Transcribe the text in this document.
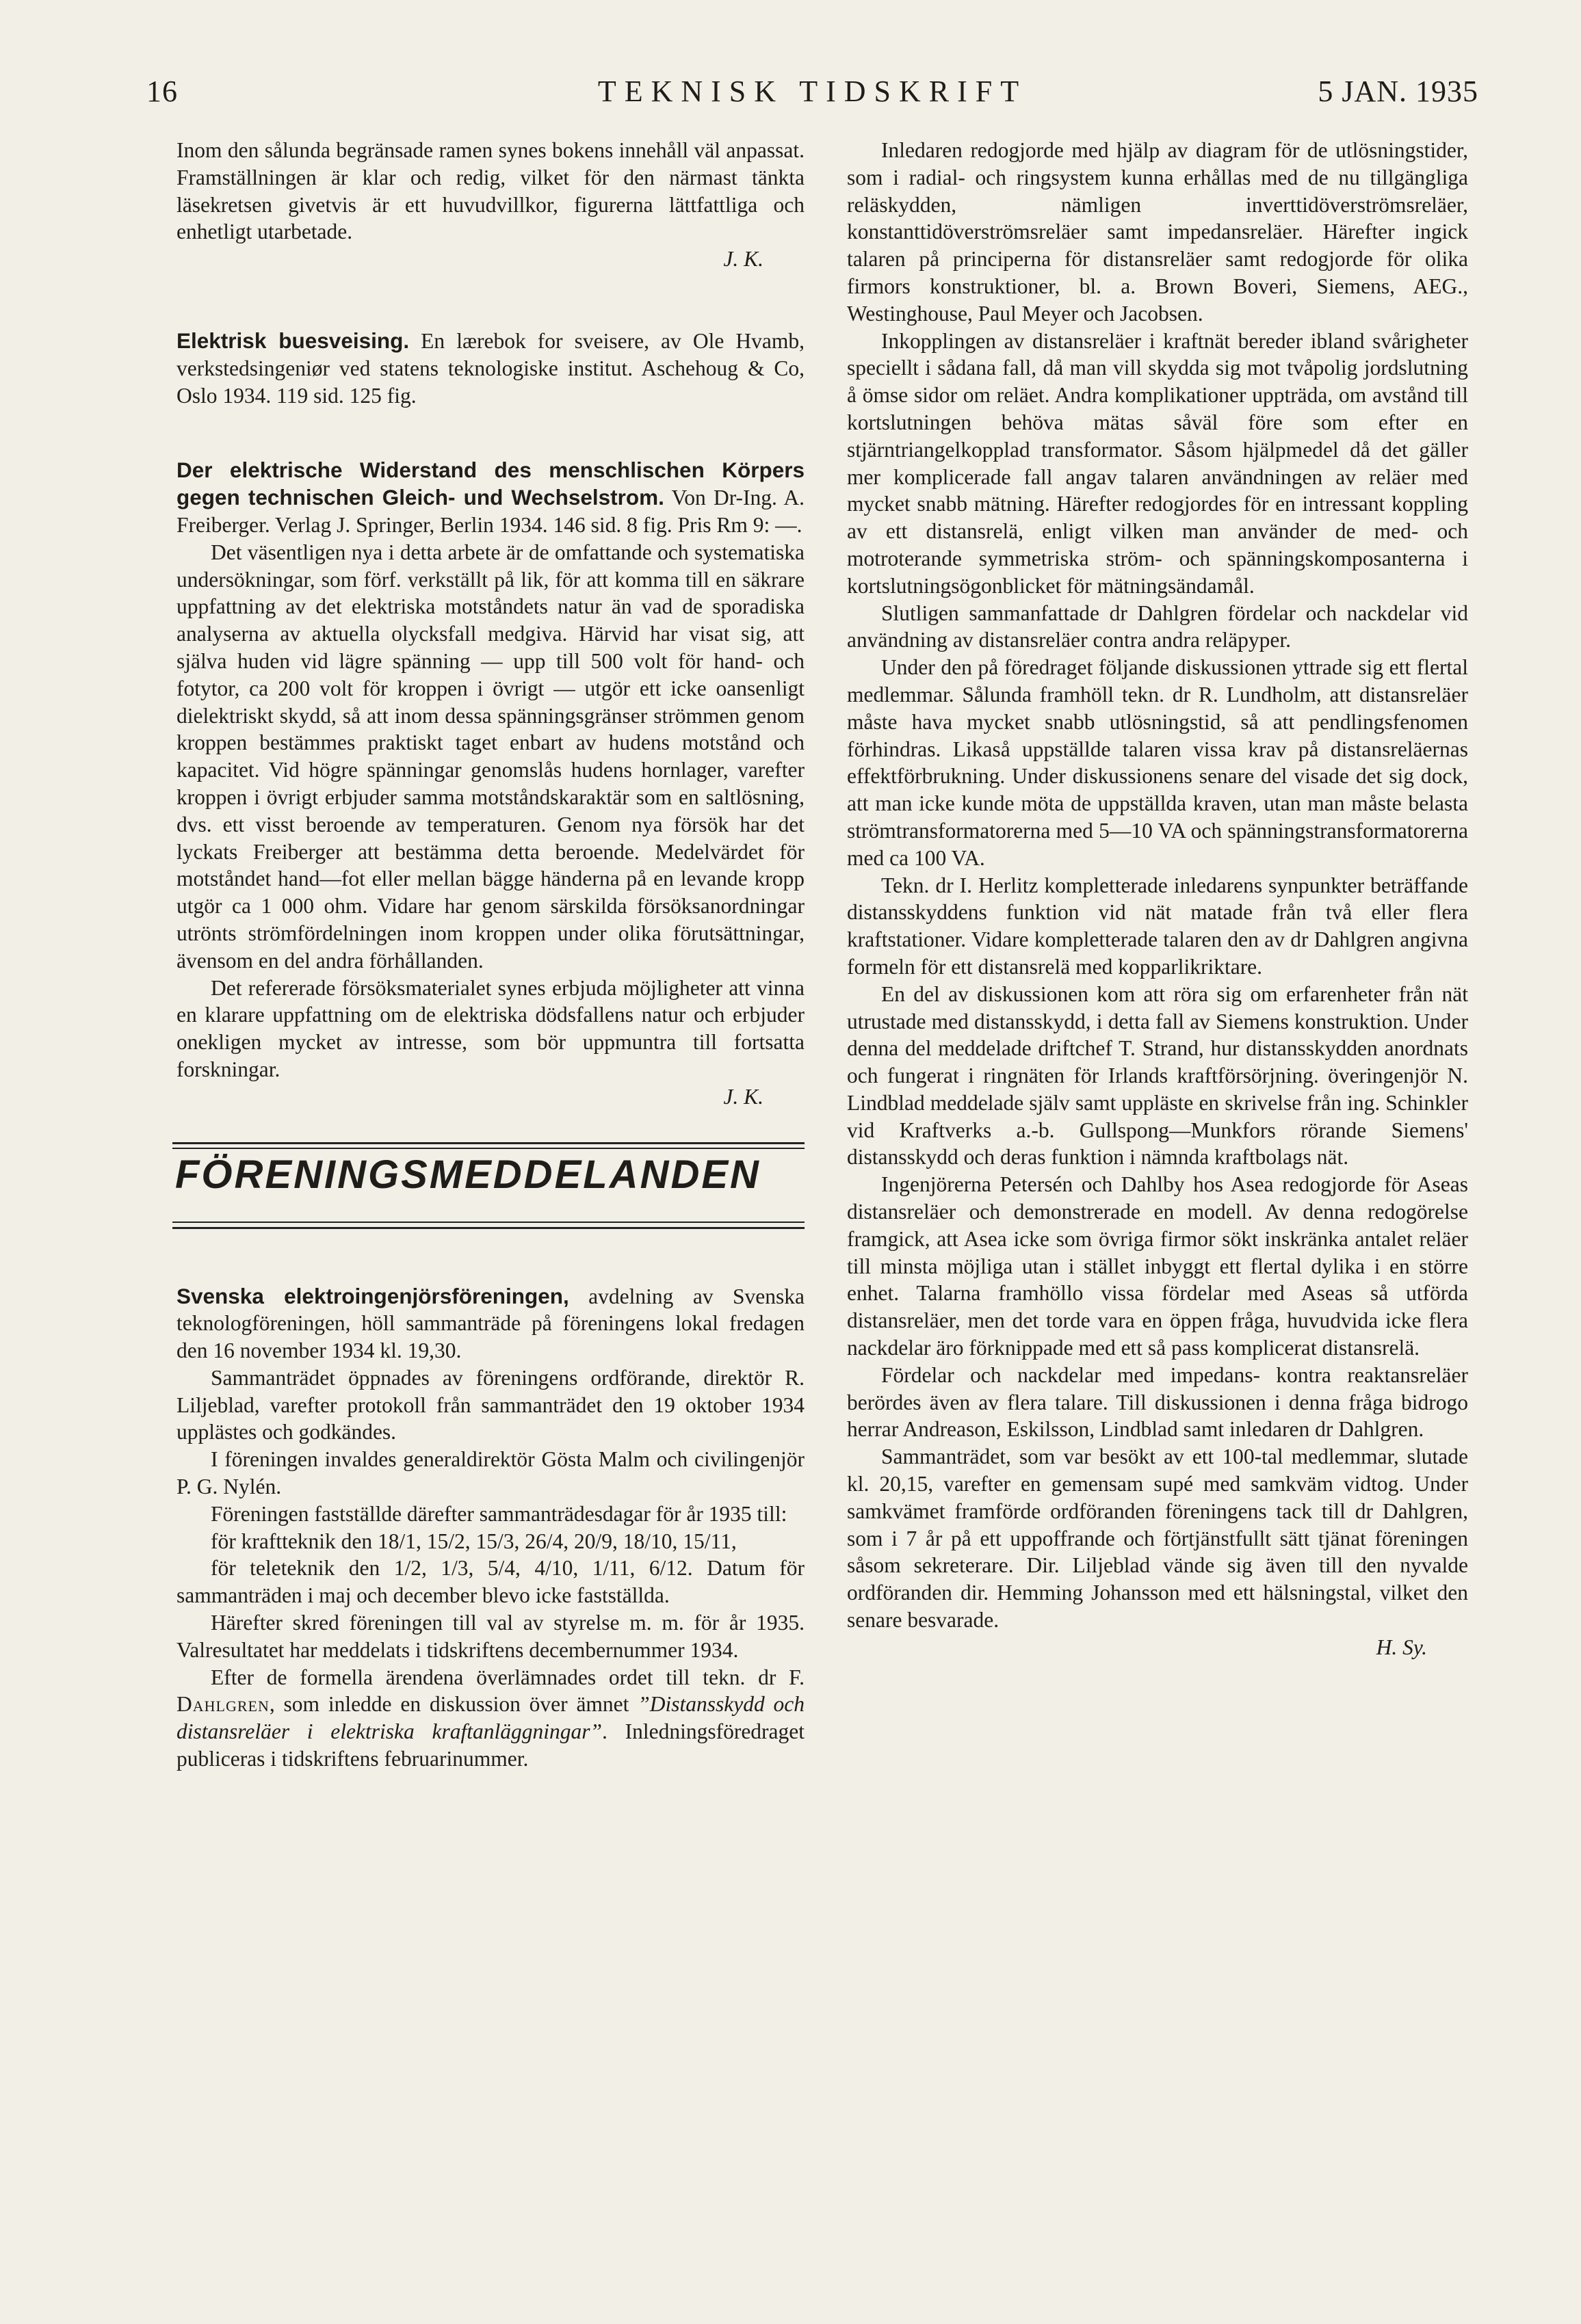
16	TEKNISK TIDSKRIFT	5 JAN. 1935

Inom den sålunda begränsade ramen synes bokens innehåll väl anpassat. Framställningen är klar och redig, vilket för den närmast tänkta läsekretsen givetvis är ett huvudvillkor, figurerna lättfattliga och enhetligt utarbetade.

J. K.

Elektrisk buesveising. En lærebok for sveisere, av Ole Hvamb, verkstedsingeniør ved statens teknologiske institut. Aschehoug & Co, Oslo 1934. 119 sid. 125 fig.

Der elektrische Widerstand des menschlischen Körpers gegen technischen Gleich- und Wechselstrom. Von Dr-Ing. A. Freiberger. Verlag J. Springer, Berlin 1934. 146 sid. 8 fig. Pris Rm 9: —.

Det väsentligen nya i detta arbete är de omfattande och systematiska undersökningar, som förf. verkställt på lik, för att komma till en säkrare uppfattning av det elektriska motståndets natur än vad de sporadiska analyserna av aktuella olycksfall medgiva. Härvid har visat sig, att själva huden vid lägre spänning — upp till 500 volt för hand- och fotytor, ca 200 volt för kroppen i övrigt — utgör ett icke oansenligt dielektriskt skydd, så att inom dessa spänningsgränser strömmen genom kroppen bestämmes praktiskt taget enbart av hudens motstånd och kapacitet. Vid högre spänningar genomslås hudens hornlager, varefter kroppen i övrigt erbjuder samma motståndskaraktär som en saltlösning, dvs. ett visst beroende av temperaturen. Genom nya försök har det lyckats Freiberger att bestämma detta beroende. Medelvärdet för motståndet hand—fot eller mellan bägge händerna på en levande kropp utgör ca 1 000 ohm. Vidare har genom särskilda försöksanordningar utrönts strömfördelningen inom kroppen under olika förutsättningar, ävensom en del andra förhållanden.

Det refererade försöksmaterialet synes erbjuda möjligheter att vinna en klarare uppfattning om de elektriska dödsfallens natur och erbjuder onekligen mycket av intresse, som bör uppmuntra till fortsatta forskningar.

J. K.

FÖRENINGSMEDDELANDEN

Svenska elektroingenjörsföreningen, avdelning av Svenska teknologföreningen, höll sammanträde på föreningens lokal fredagen den 16 november 1934 kl. 19,30.

Sammanträdet öppnades av föreningens ordförande, direktör R. Liljeblad, varefter protokoll från sammanträdet den 19 oktober 1934 upplästes och godkändes.

I föreningen invaldes generaldirektör Gösta Malm och civilingenjör P. G. Nylén.

Föreningen fastställde därefter sammanträdesdagar för år 1935 till:

för kraftteknik den 18/1, 15/2, 15/3, 26/4, 20/9, 18/10, 15/11,

för teleteknik den 1/2, 1/3, 5/4, 4/10, 1/11, 6/12. Datum för sammanträden i maj och december blevo icke fastställda.

Härefter skred föreningen till val av styrelse m. m. för år 1935. Valresultatet har meddelats i tidskriftens decembernummer 1934.

Efter de formella ärendena överlämnades ordet till tekn. dr F. Dahlgren, som inledde en diskussion över ämnet ”Distansskydd och distansreläer i elektriska kraftanläggningar”. Inledningsföredraget publiceras i tidskriftens februarinummer.

Inledaren redogjorde med hjälp av diagram för de utlösningstider, som i radial- och ringsystem kunna erhållas med de nu tillgängliga reläskydden, nämligen inverttidöverströmsreläer, konstanttidöverströmsreläer samt impedansreläer. Härefter ingick talaren på principerna för distansreläer samt redogjorde för olika firmors konstruktioner, bl. a. Brown Boveri, Siemens, AEG., Westinghouse, Paul Meyer och Jacobsen.

Inkopplingen av distansreläer i kraftnät bereder ibland svårigheter speciellt i sådana fall, då man vill skydda sig mot tvåpolig jordslutning å ömse sidor om reläet. Andra komplikationer uppträda, om avstånd till kortslutningen behöva mätas såväl före som efter en stjärntriangelkopplad transformator. Såsom hjälpmedel då det gäller mer komplicerade fall angav talaren användningen av reläer med mycket snabb mätning. Härefter redogjordes för en intressant koppling av ett distansrelä, enligt vilken man använder de med- och motroterande symmetriska ström- och spänningskomposanterna i kortslutningsögonblicket för mätningsändamål.

Slutligen sammanfattade dr Dahlgren fördelar och nackdelar vid användning av distansreläer contra andra reläpyper.

Under den på föredraget följande diskussionen yttrade sig ett flertal medlemmar. Sålunda framhöll tekn. dr R. Lundholm, att distansreläer måste hava mycket snabb utlösningstid, så att pendlingsfenomen förhindras. Likaså uppställde talaren vissa krav på distansreläernas effektförbrukning. Under diskussionens senare del visade det sig dock, att man icke kunde möta de uppställda kraven, utan man måste belasta strömtransformatorerna med 5—10 VA och spänningstransformatorerna med ca 100 VA.

Tekn. dr I. Herlitz kompletterade inledarens synpunkter beträffande distansskyddens funktion vid nät matade från två eller flera kraftstationer. Vidare kompletterade talaren den av dr Dahlgren angivna formeln för ett distansrelä med kopparlikriktare.

En del av diskussionen kom att röra sig om erfarenheter från nät utrustade med distansskydd, i detta fall av Siemens konstruktion. Under denna del meddelade driftchef T. Strand, hur distansskydden anordnats och fungerat i ringnäten för Irlands kraftförsörjning. överingenjör N. Lindblad meddelade själv samt uppläste en skrivelse från ing. Schinkler vid Kraftverks a.-b. Gullspong—Munkfors rörande Siemens' distansskydd och deras funktion i nämnda kraftbolags nät.

Ingenjörerna Petersén och Dahlby hos Asea redogjorde för Aseas distansreläer och demonstrerade en modell. Av denna redogörelse framgick, att Asea icke som övriga firmor sökt inskränka antalet reläer till minsta möjliga utan i stället inbyggt ett flertal dylika i en större enhet. Talarna framhöllo vissa fördelar med Aseas så utförda distansreläer, men det torde vara en öppen fråga, huvudvida icke flera nackdelar äro förknippade med ett så pass komplicerat distansrelä.

Fördelar och nackdelar med impedans- kontra reaktansreläer berördes även av flera talare. Till diskussionen i denna fråga bidrogo herrar Andreason, Eskilsson, Lindblad samt inledaren dr Dahlgren.

Sammanträdet, som var besökt av ett 100-tal medlemmar, slutade kl. 20,15, varefter en gemensam supé med samkväm vidtog. Under samkvämet framförde ordföranden föreningens tack till dr Dahlgren, som i 7 år på ett uppoffrande och förtjänstfullt sätt tjänat föreningen såsom sekreterare. Dir. Liljeblad vände sig även till den nyvalde ordföranden dir. Hemming Johansson med ett hälsningstal, vilket den senare besvarade.

H. Sy.
